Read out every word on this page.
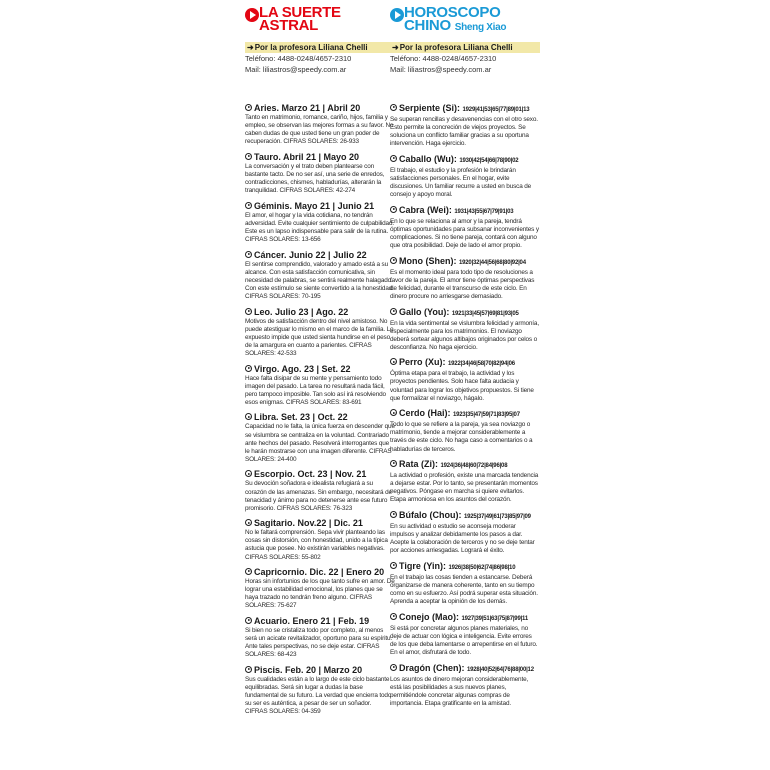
LA SUERTE
ASTRAL
➜Por la profesora Liliana Chelli
Teléfono: 4488-0248/4657-2310
Mail: liliastros@speedy.com.ar
Aries. Marzo 21 | Abril 20
Tanto en matrimonio, romance, cariño, hijos, familia y empleo, se observan las mejores formas a su favor. No caben dudas de que usted tiene un gran poder de recuperación. CIFRAS SOLARES: 26-933
Tauro. Abril 21 | Mayo 20
La conversación y el trato deben plantearse con bastante tacto. De no ser así, una serie de enredos, contradicciones, chismes, habladurías, alterarán la tranquilidad. CIFRAS SOLARES: 42-274
Géminis. Mayo 21 | Junio 21
El amor, el hogar y la vida cotidiana, no tendrán adversidad. Evite cualquier sentimiento de culpabilidad. Este es un lapso indispensable para salir de la rutina. CIFRAS SOLARES: 13-656
Cáncer. Junio 22 | Julio 22
El sentirse comprendido, valorado y amado está a su alcance. Con esta satisfacción comunicativa, sin necesidad de palabras, se sentirá realmente halagado. Con este estímulo se siente convertido a la honestidad. CIFRAS SOLARES: 70-195
Leo. Julio 23 | Ago. 22
Motivos de satisfacción dentro del nivel amistoso. No puede atestiguar lo mismo en el marco de la familia. Lo expuesto impide que usted sienta hundirse en el peso de la amargura en cuanto a parientes. CIFRAS SOLARES: 42-533
Virgo. Ago. 23 | Set. 22
Hace falta disipar de su mente y pensamiento todo imagen del pasado. La tarea no resultará nada fácil, pero tampoco imposible. Tan solo así irá resolviendo esos enigmas. CIFRAS SOLARES: 83-691
Libra. Set. 23 | Oct. 22
Capacidad no le falta, la única fuerza en descender que se vislumbra se centraliza en la voluntad. Contrariado ante hechos del pasado. Resolverá interrogantes que le harán mostrarse con una imagen diferente. CIFRAS SOLARES: 24-400
Escorpio. Oct. 23 | Nov. 21
Su devoción soñadora e idealista refugiará a su corazón de las amenazas. Sin embargo, necesitará de tenacidad y ánimo para no detenerse ante ese futuro promisorio. CIFRAS SOLARES: 76-323
Sagitario. Nov.22 | Dic. 21
No le faltará comprensión. Sepa vivir planteando las cosas sin distorsión, con honestidad, unido a la típica astucia que posee. No existirán variables negativas. CIFRAS SOLARES: 55-802
Capricornio. Dic. 22 | Enero 20
Horas sin infortunios de los que tanto sufre en amor. De lograr una estabilidad emocional, los planes que se haya trazado no tendrán freno alguno. CIFRAS SOLARES: 75-627
Acuario. Enero 21 | Feb. 19
Si bien no se cristaliza todo por completo, al menos será un acicate revitalizador, oportuno para su espíritu. Ante tales perspectivas, no se deje estar. CIFRAS SOLARES: 68-423
Piscis. Feb. 20 | Marzo 20
Sus cualidades están a lo largo de este ciclo bastante equilibradas. Será sin lugar a dudas la base fundamental de su futuro. La verdad que encierra todo su ser es auténtica, a pesar de ser un soñador. CIFRAS SOLARES: 04-359
HOROSCOPO
CHINO Sheng Xiao
➜Por la profesora Liliana Chelli
Teléfono: 4488-0248/4657-2310
Mail: liliastros@speedy.com.ar
Serpiente (Si): 1929|41|53|65|77|89|01|13
Se superan rencillas y desavenencias con el otro sexo. Esto permite la concreción de viejos proyectos. Se soluciona un conflicto familiar gracias a su oportuna intervención. Haga ejercicio.
Caballo (Wu): 1930|42|54|66|78|90|02
El trabajo, el estudio y la profesión le brindarán satisfacciones personales. En el hogar, evite discusiones. Un familiar recurre a usted en busca de consejo y apoyo moral.
Cabra (Wei): 1931|43|55|67|79|91|03
En lo que se relaciona al amor y la pareja, tendrá óptimas oportunidades para subsanar inconvenientes y complicaciones. Si no tiene pareja, contará con alguno que otra posibilidad. Deje de lado el amor propio.
Mono (Shen): 1920|32|44|56|68|80|92|04
Es el momento ideal para todo tipo de resoluciones a favor de la pareja. El amor tiene óptimas perspectivas de felicidad, durante el transcurso de este ciclo. En dinero procure no arriesgarse demasiado.
Gallo (You): 1921|33|45|57|69|81|93|05
En la vida sentimental se vislumbra felicidad y armonía, especialmente para los matrimonios. El noviazgo deberá sortear algunos altibajos originados por celos o desconfianza. No haga ejercicio.
Perro (Xu): 1922|34|46|58|70|82|94|06
Óptima etapa para el trabajo, la actividad y los proyectos pendientes. Solo hace falta audacia y voluntad para lograr los objetivos propuestos. Si tiene que formalizar el noviazgo, hágalo.
Cerdo (Hai): 1923|35|47|59|71|83|95|07
Todo lo que se refiere a la pareja, ya sea noviazgo o matrimonio, tiende a mejorar considerablemente a través de este ciclo. No haga caso a comentarios o a habladurías de terceros.
Rata (Zi): 1924|36|48|60|72|84|96|08
La actividad o profesión, existe una marcada tendencia a dejarse estar. Por lo tanto, se presentarán momentos negativos. Póngase en marcha si quiere evitarlos. Etapa armoniosa en los asuntos del corazón.
Búfalo (Chou): 1925|37|49|61|73|85|97|09
En su actividad o estudio se aconseja moderar impulsos y analizar debidamente los pasos a dar. Acepte la colaboración de terceros y no se deje tentar por acciones arriesgadas. Logrará el éxito.
Tigre (Yin): 1926|38|50|62|74|86|98|10
En el trabajo las cosas tienden a estancarse. Deberá organizarse de manera coherente, tanto en su tiempo como en su esfuerzo. Así podrá superar esta situación. Aprenda a aceptar la opinión de los demás.
Conejo (Mao): 1927|39|51|63|75|87|99|11
Si está por concretar algunos planes materiales, no deje de actuar con lógica e inteligencia. Evite errores de los que deba lamentarse o arrepentirse en el futuro. En el amor, disfrutará de todo.
Dragón (Chen): 1928|40|52|64|76|88|00|12
Los asuntos de dinero mejoran considerablemente, está las posibilidades a sus nuevos planes, permitiéndole concretar algunas compras de importancia. Etapa gratificante en la amistad.
